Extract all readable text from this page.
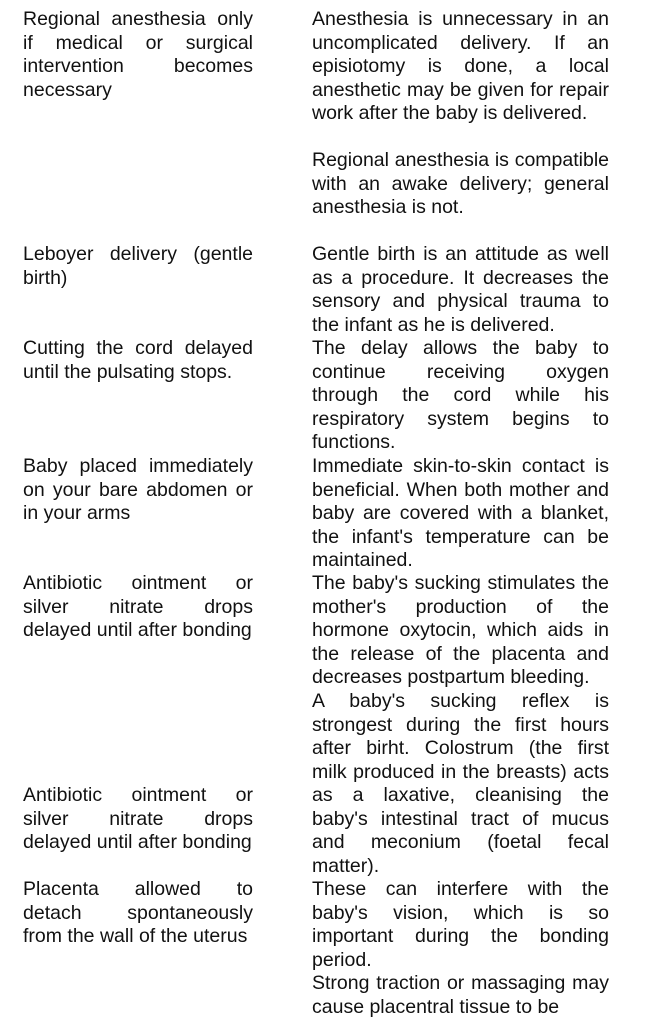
Regional anesthesia only if medical or surgical intervention becomes necessary

Anesthesia is unnecessary in an uncomplicated delivery. If an episiotomy is done, a local anesthetic may be given for repair work after the baby is delivered.

Regional anesthesia is compatible with an awake delivery; general anesthesia is not.

Leboyer delivery (gentle birth)

Gentle birth is an attitude as well as a procedure. It decreases the sensory and physical trauma to the infant as he is delivered.

Cutting the cord delayed until the pulsating stops.

The delay allows the baby to continue receiving oxygen through the cord while his respiratory system begins to functions.

Baby placed immediately on your bare abdomen or in your arms

Immediate skin-to-skin contact is beneficial. When both mother and baby are covered with a blanket, the infant's temperature can be maintained.

Antibiotic ointment or silver nitrate drops delayed until after bonding

The baby's sucking stimulates the mother's production of the hormone oxytocin, which aids in the release of the placenta and decreases postpartum bleeding.

A baby's sucking reflex is strongest during the first hours after birht. Colostrum (the first milk produced in the breasts) acts as a laxative, cleanising the baby's intestinal tract of mucus and meconium (foetal fecal matter).

Antibiotic ointment or silver nitrate drops delayed until after bonding

These can interfere with the baby's vision, which is so important during the bonding period.

Placenta allowed to detach spontaneously from the wall of the uterus

Strong traction or massaging may cause placentral tissue to be
